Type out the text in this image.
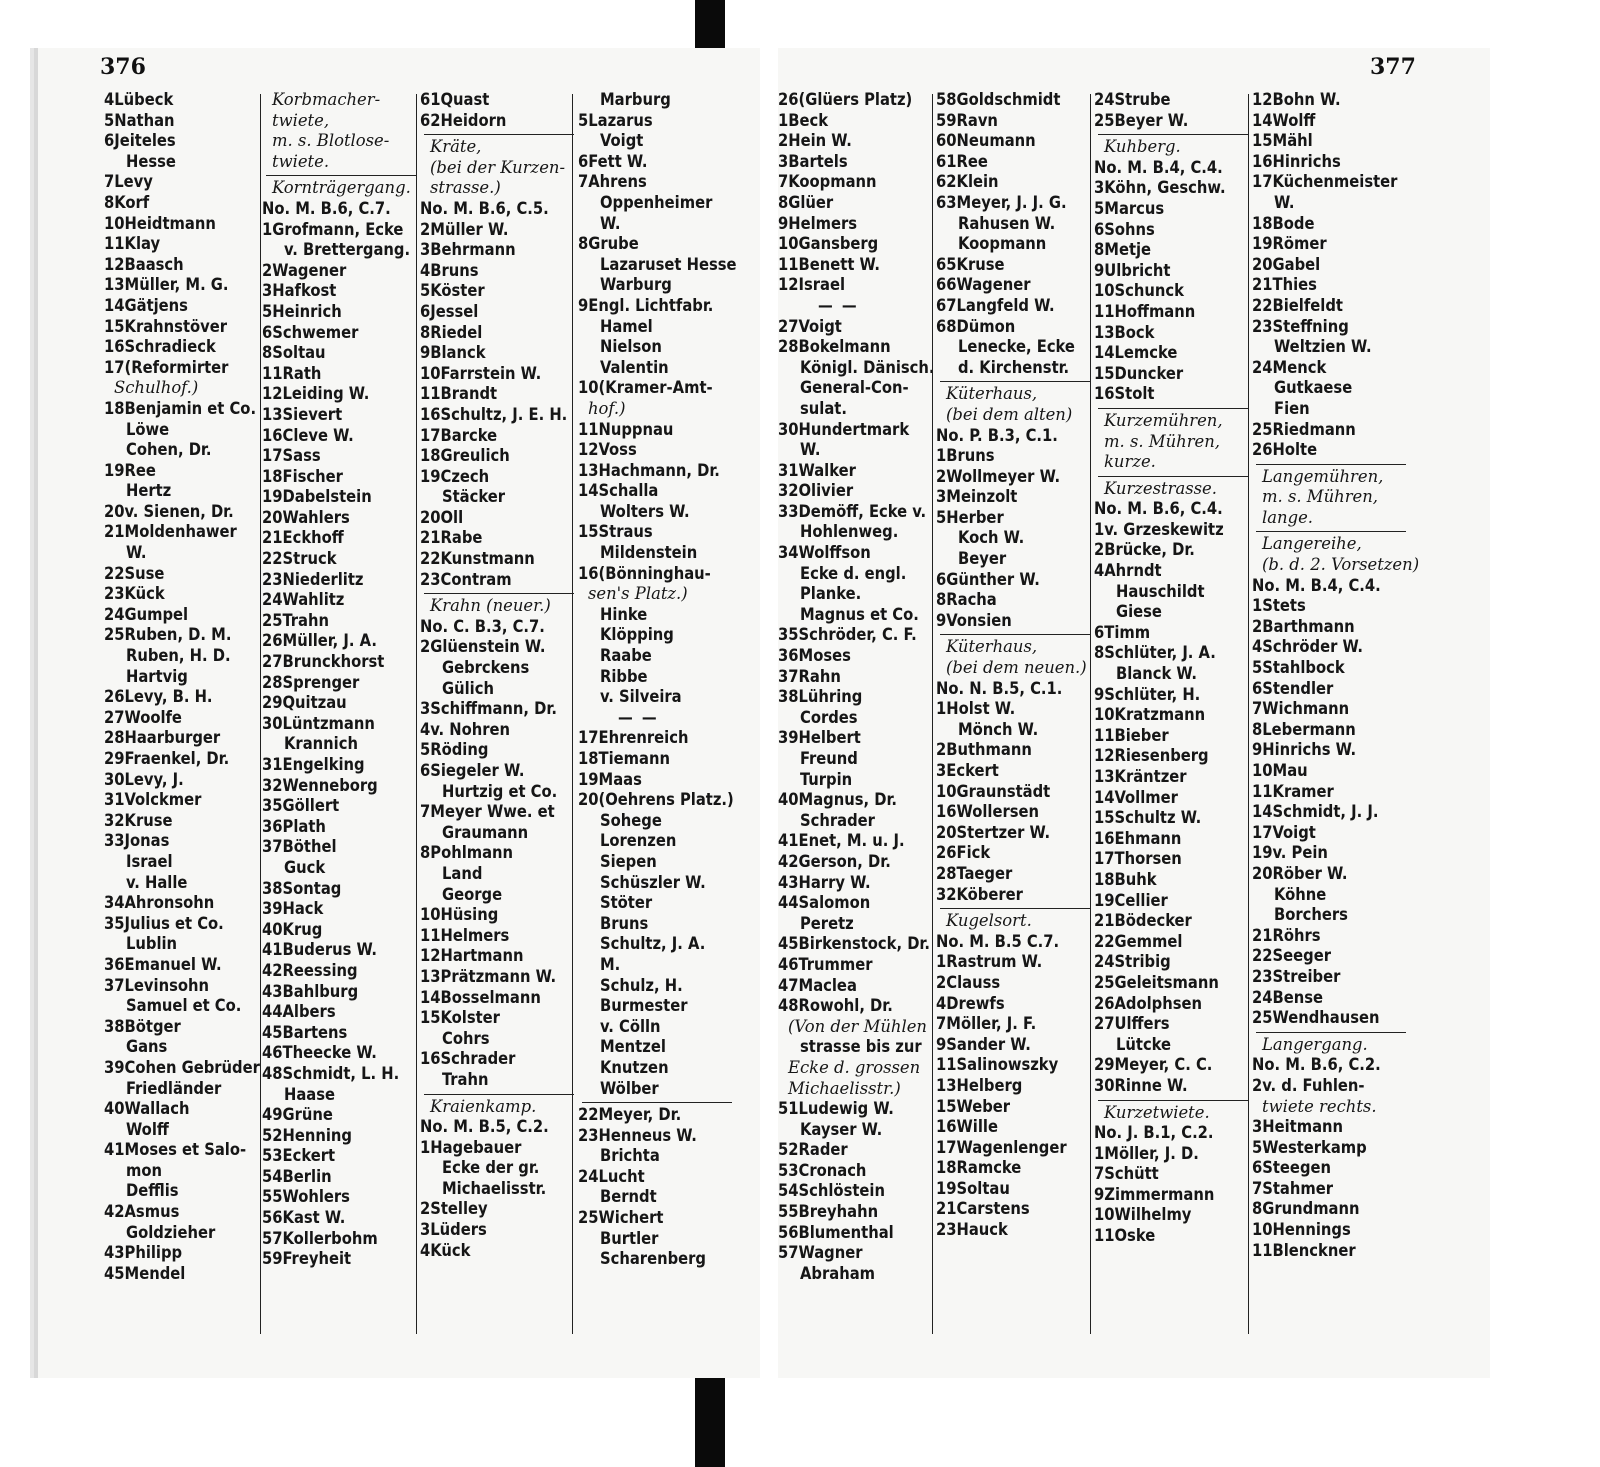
376
4Lübeck
5Nathan
6Jeiteles
Hesse
7Levy
8Korf
10Heidtmann
11Klay
12Baasch
13Müller, M. G.
14Gätjens
15Krahnstöver
16Schradieck
17(Reformirter
Schulhof.)
18Benjamin et Co.
Löwe
Cohen, Dr.
19Ree
Hertz
20v. Sienen, Dr.
21Moldenhawer
W.
22Suse
23Kück
24Gumpel
25Ruben, D. M.
Ruben, H. D.
Hartvig
26Levy, B. H.
27Woolfe
28Haarburger
29Fraenkel, Dr.
30Levy, J.
31Volckmer
32Kruse
33Jonas
Israel
v. Halle
34Ahronsohn
35Julius et Co.
Lublin
36Emanuel W.
37Levinsohn
Samuel et Co.
38Bötger
Gans
39Cohen Gebrüder
Friedländer
40Wallach
Wolff
41Moses et Salo-
mon
Defflis
42Asmus
Goldzieher
43Philipp
45Mendel
Korbmacher-
twiete,
m. s. Blotlose-
twiete.
Kornträgergang.
No. M. B.6, C.7.
1Grofmann, Ecke
v. Brettergang.
2Wagener
3Hafkost
5Heinrich
6Schwemer
8Soltau
11Rath
12Leiding W.
13Sievert
16Cleve W.
17Sass
18Fischer
19Dabelstein
20Wahlers
21Eckhoff
22Struck
23Niederlitz
24Wahlitz
25Trahn
26Müller, J. A.
27Brunckhorst
28Sprenger
29Quitzau
30Lüntzmann
Krannich
31Engelking
32Wenneborg
35Göllert
36Plath
37Böthel
Guck
38Sontag
39Hack
40Krug
41Buderus W.
42Reessing
43Bahlburg
44Albers
45Bartens
46Theecke W.
48Schmidt, L. H.
Haase
49Grüne
52Henning
53Eckert
54Berlin
55Wohlers
56Kast W.
57Kollerbohm
59Freyheit
61Quast
62Heidorn
Kräte,
(bei der Kurzen-
strasse.)
No. M. B.6, C.5.
2Müller W.
3Behrmann
4Bruns
5Köster
6Jessel
8Riedel
9Blanck
10Farrstein W.
11Brandt
16Schultz, J. E. H.
17Barcke
18Greulich
19Czech
Stäcker
20Oll
21Rabe
22Kunstmann
23Contram
Krahn (neuer.)
No. C. B.3, C.7.
2Glüenstein W.
Gebrckens
Gülich
3Schiffmann, Dr.
4v. Nohren
5Röding
6Siegeler W.
Hurtzig et Co.
7Meyer Wwe. et
Graumann
8Pohlmann
Land
George
10Hüsing
11Helmers
12Hartmann
13Prätzmann W.
14Bosselmann
15Kolster
Cohrs
16Schrader
Trahn
Kraienkamp.
No. M. B.5, C.2.
1Hagebauer
Ecke der gr.
Michaelisstr.
2Stelley
3Lüders
4Kück
Marburg
5Lazarus
Voigt
6Fett W.
7Ahrens
Oppenheimer
W.
8Grube
Lazaruset Hesse
Warburg
9Engl. Lichtfabr.
Hamel
Nielson
Valentin
10(Kramer-Amt-
hof.)
11Nuppnau
12Voss
13Hachmann, Dr.
14Schalla
Wolters W.
15Straus
Mildenstein
16(Bönninghau-
sen's Platz.)
Hinke
Klöpping
Raabe
Ribbe
v. Silveira
— —
17Ehrenreich
18Tiemann
19Maas
20(Oehrens Platz.)
Sohege
Lorenzen
Siepen
Schüszler W.
Stöter
Bruns
Schultz, J. A.
M.
Schulz, H.
Burmester
v. Cölln
Mentzel
Knutzen
Wölber
22Meyer, Dr.
23Henneus W.
Brichta
24Lucht
Berndt
25Wichert
Burtler
Scharenberg
377
26(Glüers Platz)
1Beck
2Hein W.
3Bartels
7Koopmann
8Glüer
9Helmers
10Gansberg
11Benett W.
12Israel
— —
27Voigt
28Bokelmann
Königl. Dänisch.
General-Con-
sulat.
30Hundertmark
W.
31Walker
32Olivier
33Demöff, Ecke v.
Hohlenweg.
34Wolffson
Ecke d. engl.
Planke.
Magnus et Co.
35Schröder, C. F.
36Moses
37Rahn
38Lühring
Cordes
39Helbert
Freund
Turpin
40Magnus, Dr.
Schrader
41Enet, M. u. J.
42Gerson, Dr.
43Harry W.
44Salomon
Peretz
45Birkenstock, Dr.
46Trummer
47Maclea
48Rowohl, Dr.
(Von der Mühlen
strasse bis zur
Ecke d. grossen
Michaelisstr.)
51Ludewig W.
Kayser W.
52Rader
53Cronach
54Schlöstein
55Breyhahn
56Blumenthal
57Wagner
Abraham
58Goldschmidt
59Ravn
60Neumann
61Ree
62Klein
63Meyer, J. J. G.
Rahusen W.
Koopmann
65Kruse
66Wagener
67Langfeld W.
68Dümon
Lenecke, Ecke
d. Kirchenstr.
Küterhaus,
(bei dem alten)
No. P. B.3, C.1.
1Bruns
2Wollmeyer W.
3Meinzolt
5Herber
Koch W.
Beyer
6Günther W.
8Racha
9Vonsien
Küterhaus,
(bei dem neuen.)
No. N. B.5, C.1.
1Holst W.
Mönch W.
2Buthmann
3Eckert
10Graunstädt
16Wollersen
20Stertzer W.
26Fick
28Taeger
32Köberer
Kugelsort.
No. M. B.5 C.7.
1Rastrum W.
2Clauss
4Drewfs
7Möller, J. F.
9Sander W.
11Salinowszky
13Helberg
15Weber
16Wille
17Wagenlenger
18Ramcke
19Soltau
21Carstens
23Hauck
24Strube
25Beyer W.
Kuhberg.
No. M. B.4, C.4.
3Köhn, Geschw.
5Marcus
6Sohns
8Metje
9Ulbricht
10Schunck
11Hoffmann
13Bock
14Lemcke
15Duncker
16Stolt
Kurzemühren,
m. s. Mühren,
kurze.
Kurzestrasse.
No. M. B.6, C.4.
1v. Grzeskewitz
2Brücke, Dr.
4Ahrndt
Hauschildt
Giese
6Timm
8Schlüter, J. A.
Blanck W.
9Schlüter, H.
10Kratzmann
11Bieber
12Riesenberg
13Kräntzer
14Vollmer
15Schultz W.
16Ehmann
17Thorsen
18Buhk
19Cellier
21Bödecker
22Gemmel
24Stribig
25Geleitsmann
26Adolphsen
27Ulffers
Lütcke
29Meyer, C. C.
30Rinne W.
Kurzetwiete.
No. J. B.1, C.2.
1Möller, J. D.
7Schütt
9Zimmermann
10Wilhelmy
11Oske
12Bohn W.
14Wolff
15Mähl
16Hinrichs
17Küchenmeister
W.
18Bode
19Römer
20Gabel
21Thies
22Bielfeldt
23Steffning
Weltzien W.
24Menck
Gutkaese
Fien
25Riedmann
26Holte
Langemühren,
m. s. Mühren,
lange.
Langereihe,
(b. d. 2. Vorsetzen)
No. M. B.4, C.4.
1Stets
2Barthmann
4Schröder W.
5Stahlbock
6Stendler
7Wichmann
8Lebermann
9Hinrichs W.
10Mau
11Kramer
14Schmidt, J. J.
17Voigt
19v. Pein
20Röber W.
Köhne
Borchers
21Röhrs
22Seeger
23Streiber
24Bense
25Wendhausen
Langergang.
No. M. B.6, C.2.
2v. d. Fuhlen-
twiete rechts.
3Heitmann
5Westerkamp
6Steegen
7Stahmer
8Grundmann
10Hennings
11Blenckner
